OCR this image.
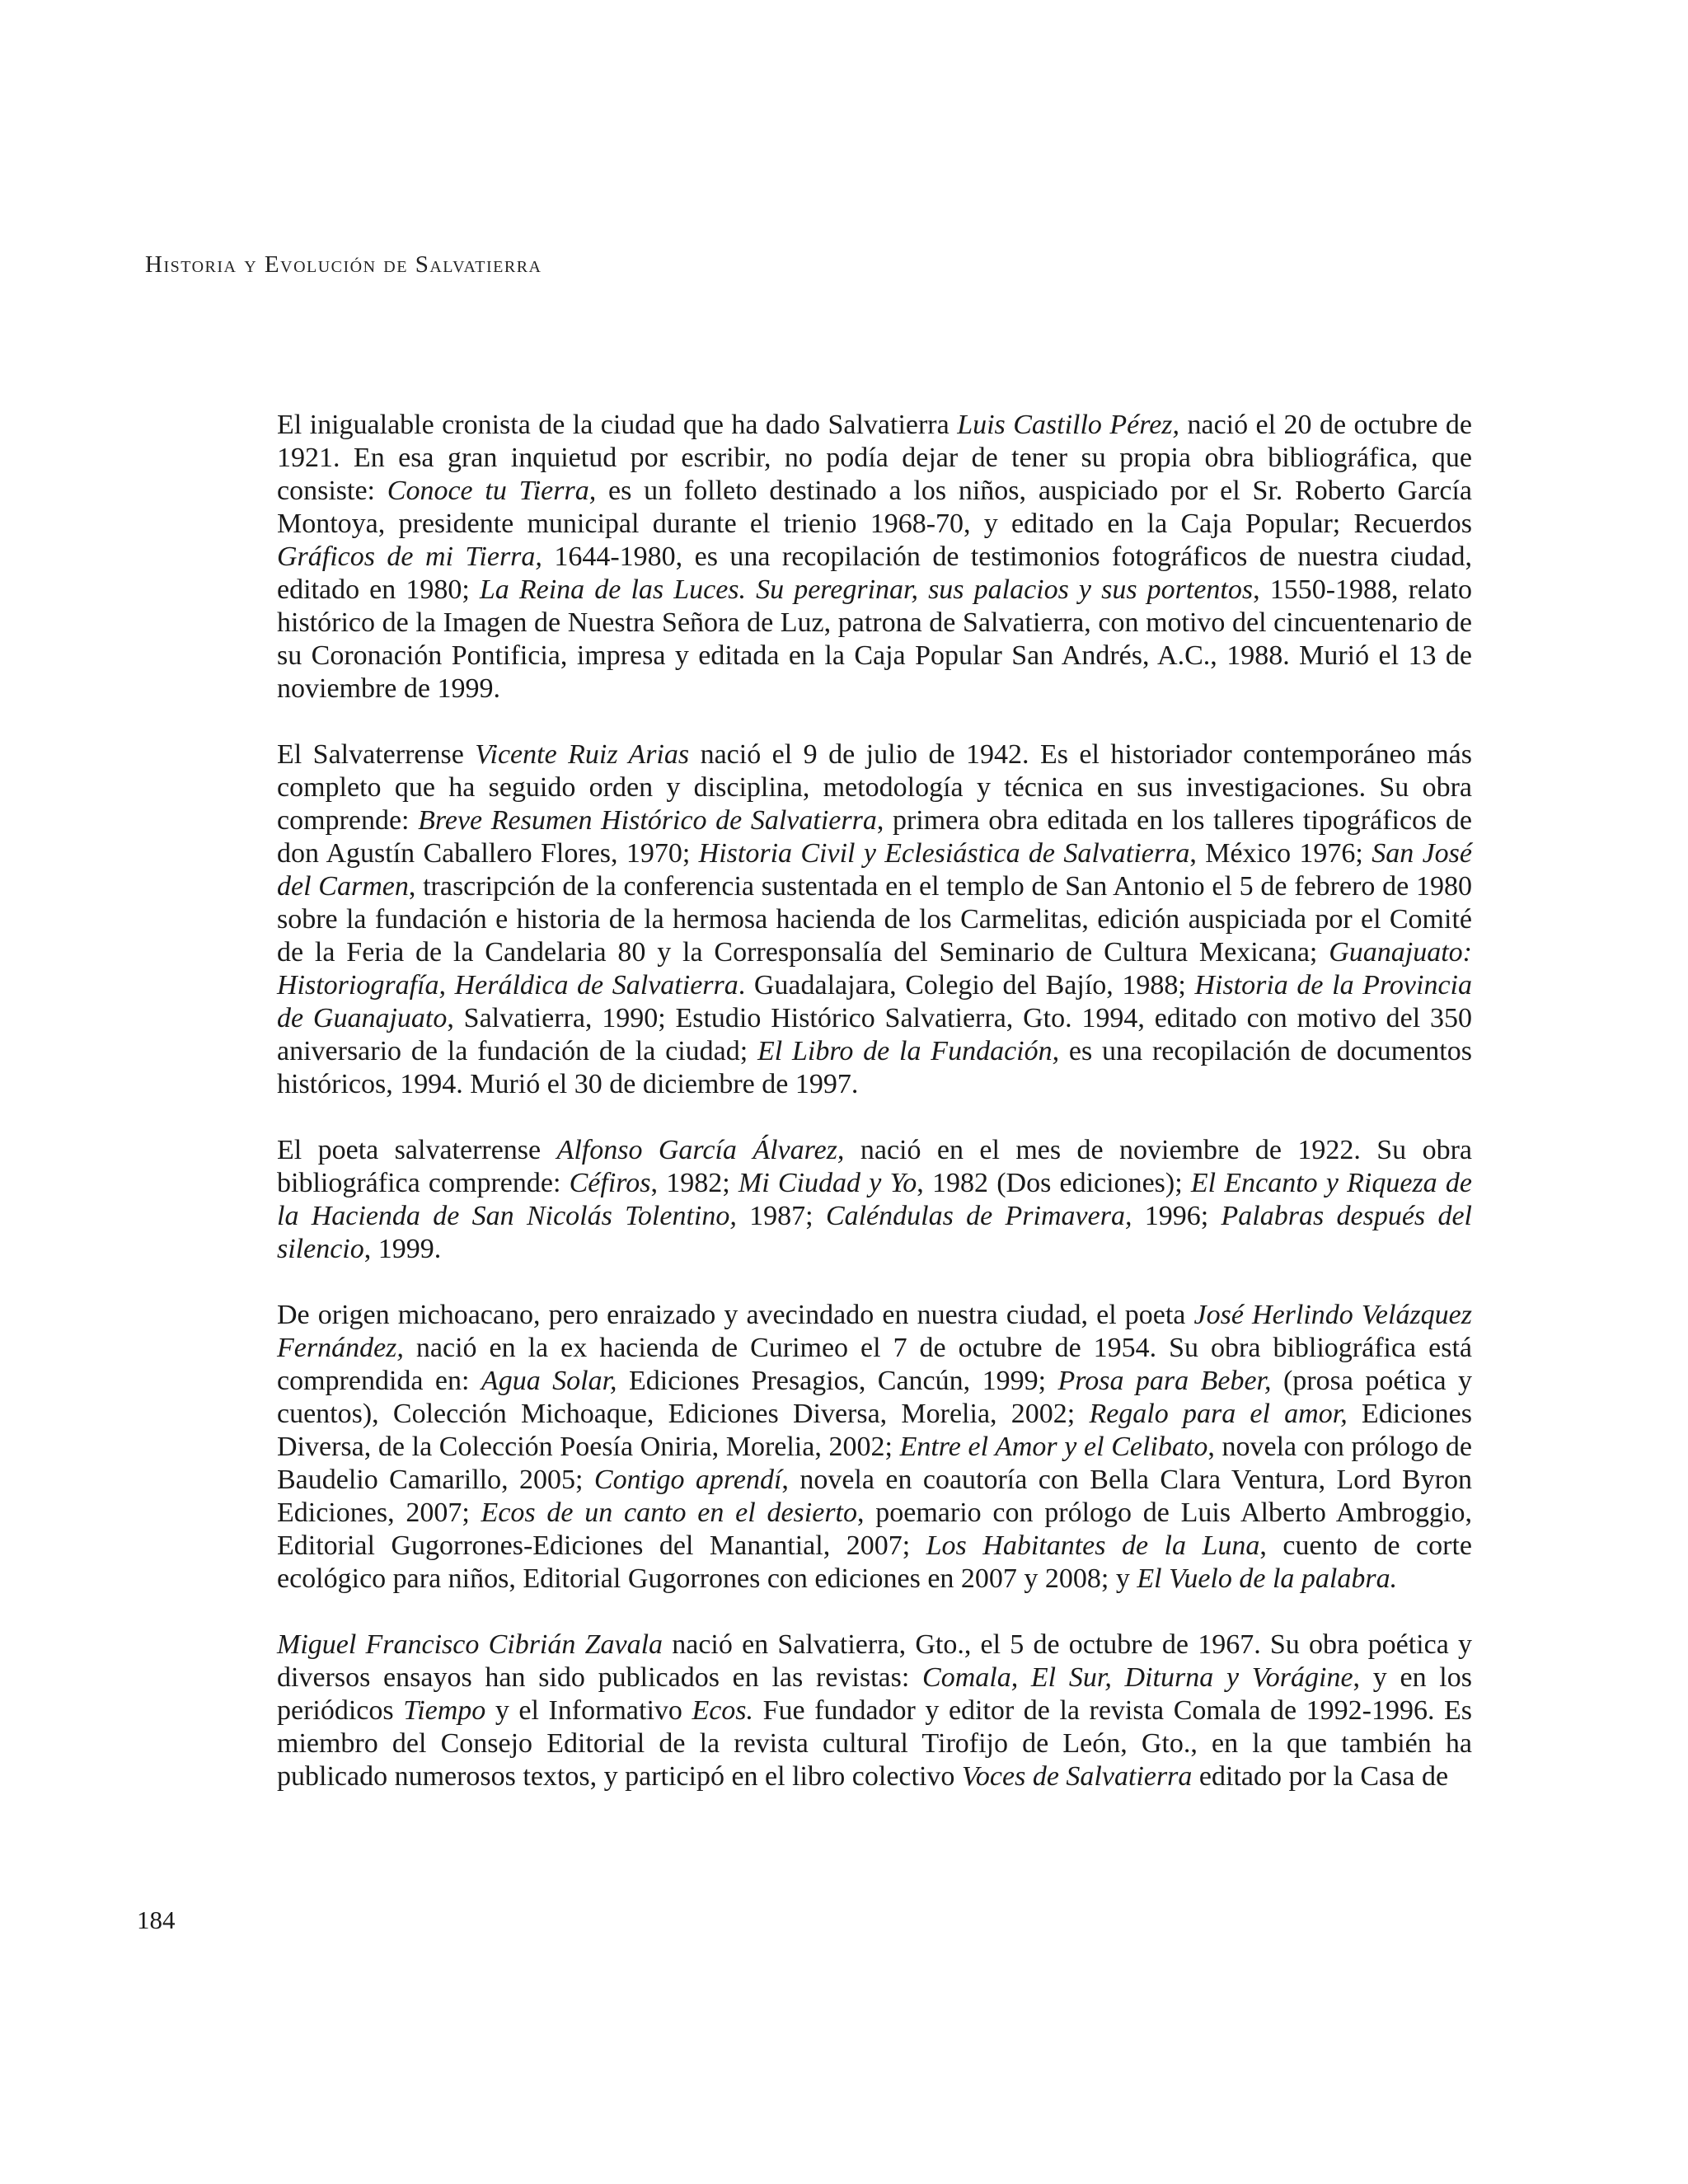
Historia y Evolución de Salvatierra

El inigualable cronista de la ciudad que ha dado Salvatierra Luis Castillo Pérez, nació el 20 de octubre de 1921. En esa gran inquietud por escribir, no podía dejar de tener su propia obra bibliográfica, que consiste: Conoce tu Tierra, es un folleto destinado a los niños, auspiciado por el Sr. Roberto García Montoya, presidente municipal durante el trienio 1968-70, y editado en la Caja Popular; Recuerdos Gráficos de mi Tierra, 1644-1980, es una recopilación de testimonios fotográficos de nuestra ciudad, editado en 1980; La Reina de las Luces. Su peregrinar, sus palacios y sus portentos, 1550-1988, relato histórico de la Imagen de Nuestra Señora de Luz, patrona de Salvatierra, con motivo del cincuentenario de su Coronación Pontificia, impresa y editada en la Caja Popular San Andrés, A.C., 1988. Murió el 13 de noviembre de 1999.

El Salvaterrense Vicente Ruiz Arias nació el 9 de julio de 1942. Es el historiador contemporáneo más completo que ha seguido orden y disciplina, metodología y técnica en sus investigaciones. Su obra comprende: Breve Resumen Histórico de Salvatierra, primera obra editada en los talleres tipográficos de don Agustín Caballero Flores, 1970; Historia Civil y Eclesiástica de Salvatierra, México 1976; San José del Carmen, trascripción de la conferencia sustentada en el templo de San Antonio el 5 de febrero de 1980 sobre la fundación e historia de la hermosa hacienda de los Carmelitas, edición auspiciada por el Comité de la Feria de la Candelaria 80 y la Corresponsalía del Seminario de Cultura Mexicana; Guanajuato: Historiografía, Heráldica de Salvatierra. Guadalajara, Colegio del Bajío, 1988; Historia de la Provincia de Guanajuato, Salvatierra, 1990; Estudio Histórico Salvatierra, Gto. 1994, editado con motivo del 350 aniversario de la fundación de la ciudad; El Libro de la Fundación, es una recopilación de documentos históricos, 1994. Murió el 30 de diciembre de 1997.

El poeta salvaterrense Alfonso García Álvarez, nació en el mes de noviembre de 1922. Su obra bibliográfica comprende: Céfiros, 1982; Mi Ciudad y Yo, 1982 (Dos ediciones); El Encanto y Riqueza de la Hacienda de San Nicolás Tolentino, 1987; Caléndulas de Primavera, 1996; Palabras después del silencio, 1999.

De origen michoacano, pero enraizado y avecindado en nuestra ciudad, el poeta José Herlindo Velázquez Fernández, nació en la ex hacienda de Curimeo el 7 de octubre de 1954. Su obra bibliográfica está comprendida en: Agua Solar, Ediciones Presagios, Cancún, 1999; Prosa para Beber, (prosa poética y cuentos), Colección Michoaque, Ediciones Diversa, Morelia, 2002; Regalo para el amor, Ediciones Diversa, de la Colección Poesía Oniria, Morelia, 2002; Entre el Amor y el Celibato, novela con prólogo de Baudelio Camarillo, 2005; Contigo aprendí, novela en coautoría con Bella Clara Ventura, Lord Byron Ediciones, 2007; Ecos de un canto en el desierto, poemario con prólogo de Luis Alberto Ambroggio, Editorial Gugorrones-Ediciones del Manantial, 2007; Los Habitantes de la Luna, cuento de corte ecológico para niños, Editorial Gugorrones con ediciones en 2007 y 2008; y El Vuelo de la palabra.

Miguel Francisco Cibrián Zavala nació en Salvatierra, Gto., el 5 de octubre de 1967. Su obra poética y diversos ensayos han sido publicados en las revistas: Comala, El Sur, Diturna y Vorágine, y en los periódicos Tiempo y el Informativo Ecos. Fue fundador y editor de la revista Comala de 1992-1996. Es miembro del Consejo Editorial de la revista cultural Tirofijo de León, Gto., en la que también ha publicado numerosos textos, y participó en el libro colectivo Voces de Salvatierra editado por la Casa de

184
